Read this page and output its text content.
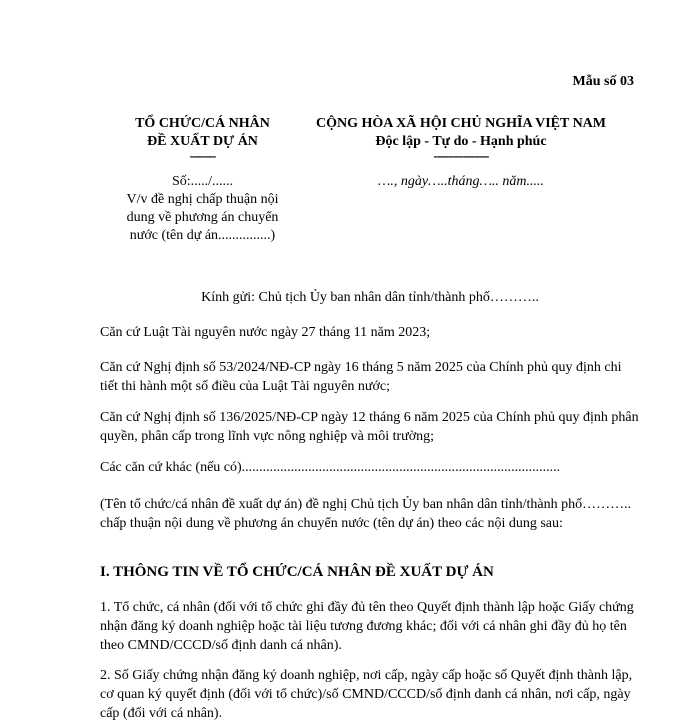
Mẫu số 03
TỔ CHỨC/CÁ NHÂN
ĐỀ XUẤT DỰ ÁN
-------
Số:...../......
V/v đề nghị chấp thuận nội
dung về phương án chuyển
nước (tên dự án...............)
CỘNG HÒA XÃ HỘI CHỦ NGHĨA VIỆT NAM
Độc lập - Tự do - Hạnh phúc
---------------
…., ngày…..tháng….. năm.....
Kính gửi: Chủ tịch Ủy ban nhân dân tỉnh/thành phố………..
Căn cứ Luật Tài nguyên nước ngày 27 tháng 11 năm 2023;
Căn cứ Nghị định số 53/2024/NĐ-CP ngày 16 tháng 5 năm 2025 của Chính phủ quy định chi tiết thi hành một số điều của Luật Tài nguyên nước;
Căn cứ Nghị định số 136/2025/NĐ-CP ngày 12 tháng 6 năm 2025 của Chính phủ quy định phân quyền, phân cấp trong lĩnh vực nông nghiệp và môi trường;
Các căn cứ khác (nếu có)...........................................................................................
(Tên tổ chức/cá nhân đề xuất dự án) đề nghị Chủ tịch Ủy ban nhân dân tỉnh/thành phố……….. chấp thuận nội dung về phương án chuyển nước (tên dự án) theo các nội dung sau:
I. THÔNG TIN VỀ TỔ CHỨC/CÁ NHÂN ĐỀ XUẤT DỰ ÁN
1. Tổ chức, cá nhân (đối với tổ chức ghi đầy đủ tên theo Quyết định thành lập hoặc Giấy chứng nhận đăng ký doanh nghiệp hoặc tài liệu tương đương khác; đối với cá nhân ghi đầy đủ họ tên theo CMND/CCCD/số định danh cá nhân).
2. Số Giấy chứng nhận đăng ký doanh nghiệp, nơi cấp, ngày cấp hoặc số Quyết định thành lập, cơ quan ký quyết định (đối với tổ chức)/số CMND/CCCD/số định danh cá nhân, nơi cấp, ngày cấp (đối với cá nhân).
